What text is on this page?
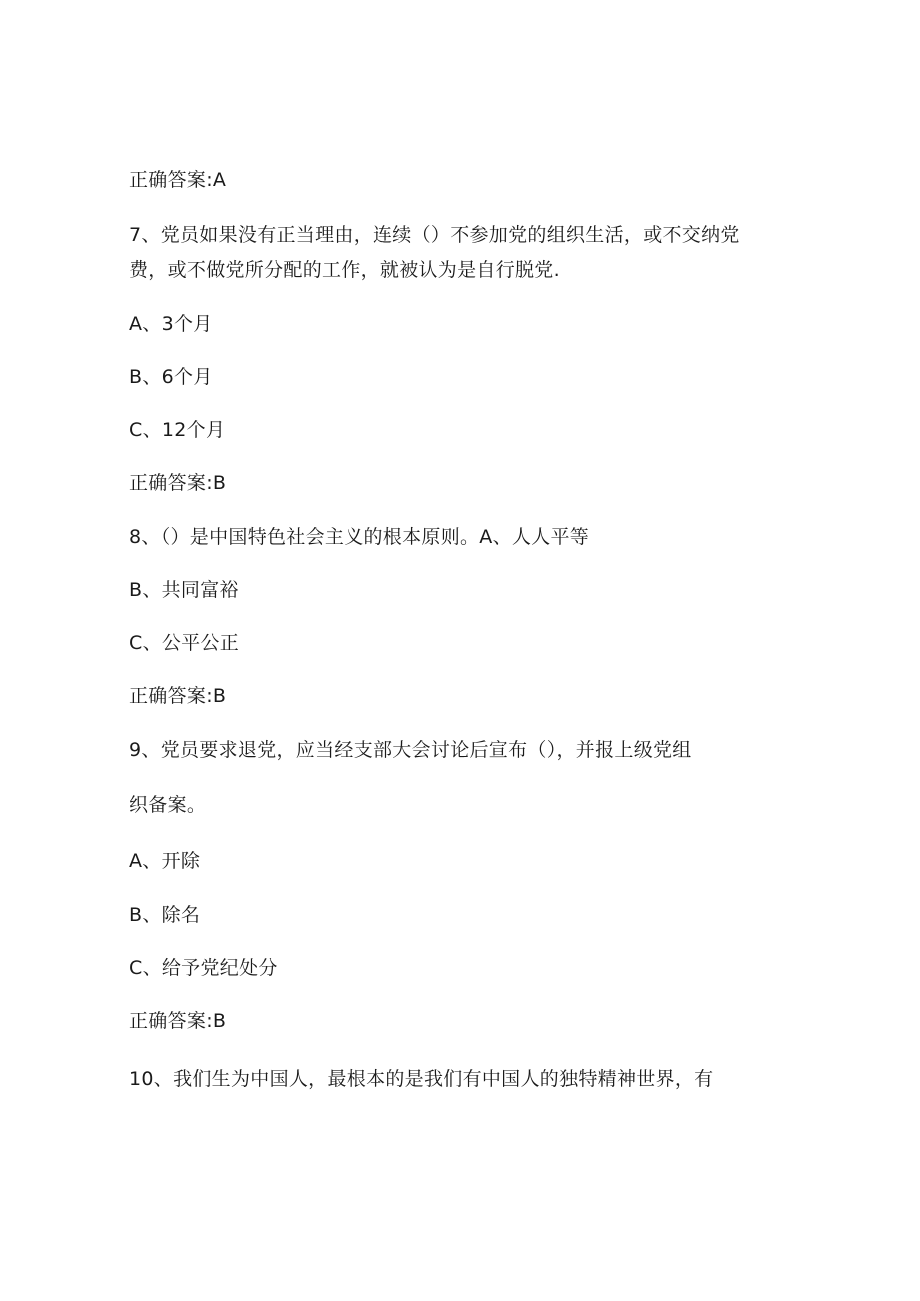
正确答案:A
7、党员如果没有正当理由，连续（）不参加党的组织生活，或不交纳党
费，或不做党所分配的工作，就被认为是自行脱党.
A、3个月
B、6个月
C、12个月
正确答案:B
8、（）是中国特色社会主义的根本原则。A、人人平等
B、共同富裕
C、公平公正
正确答案:B
9、党员要求退党，应当经支部大会讨论后宣布（），并报上级党组
织备案。
A、开除
B、除名
C、给予党纪处分
正确答案:B
10、我们生为中国人，最根本的是我们有中国人的独特精神世界，有
